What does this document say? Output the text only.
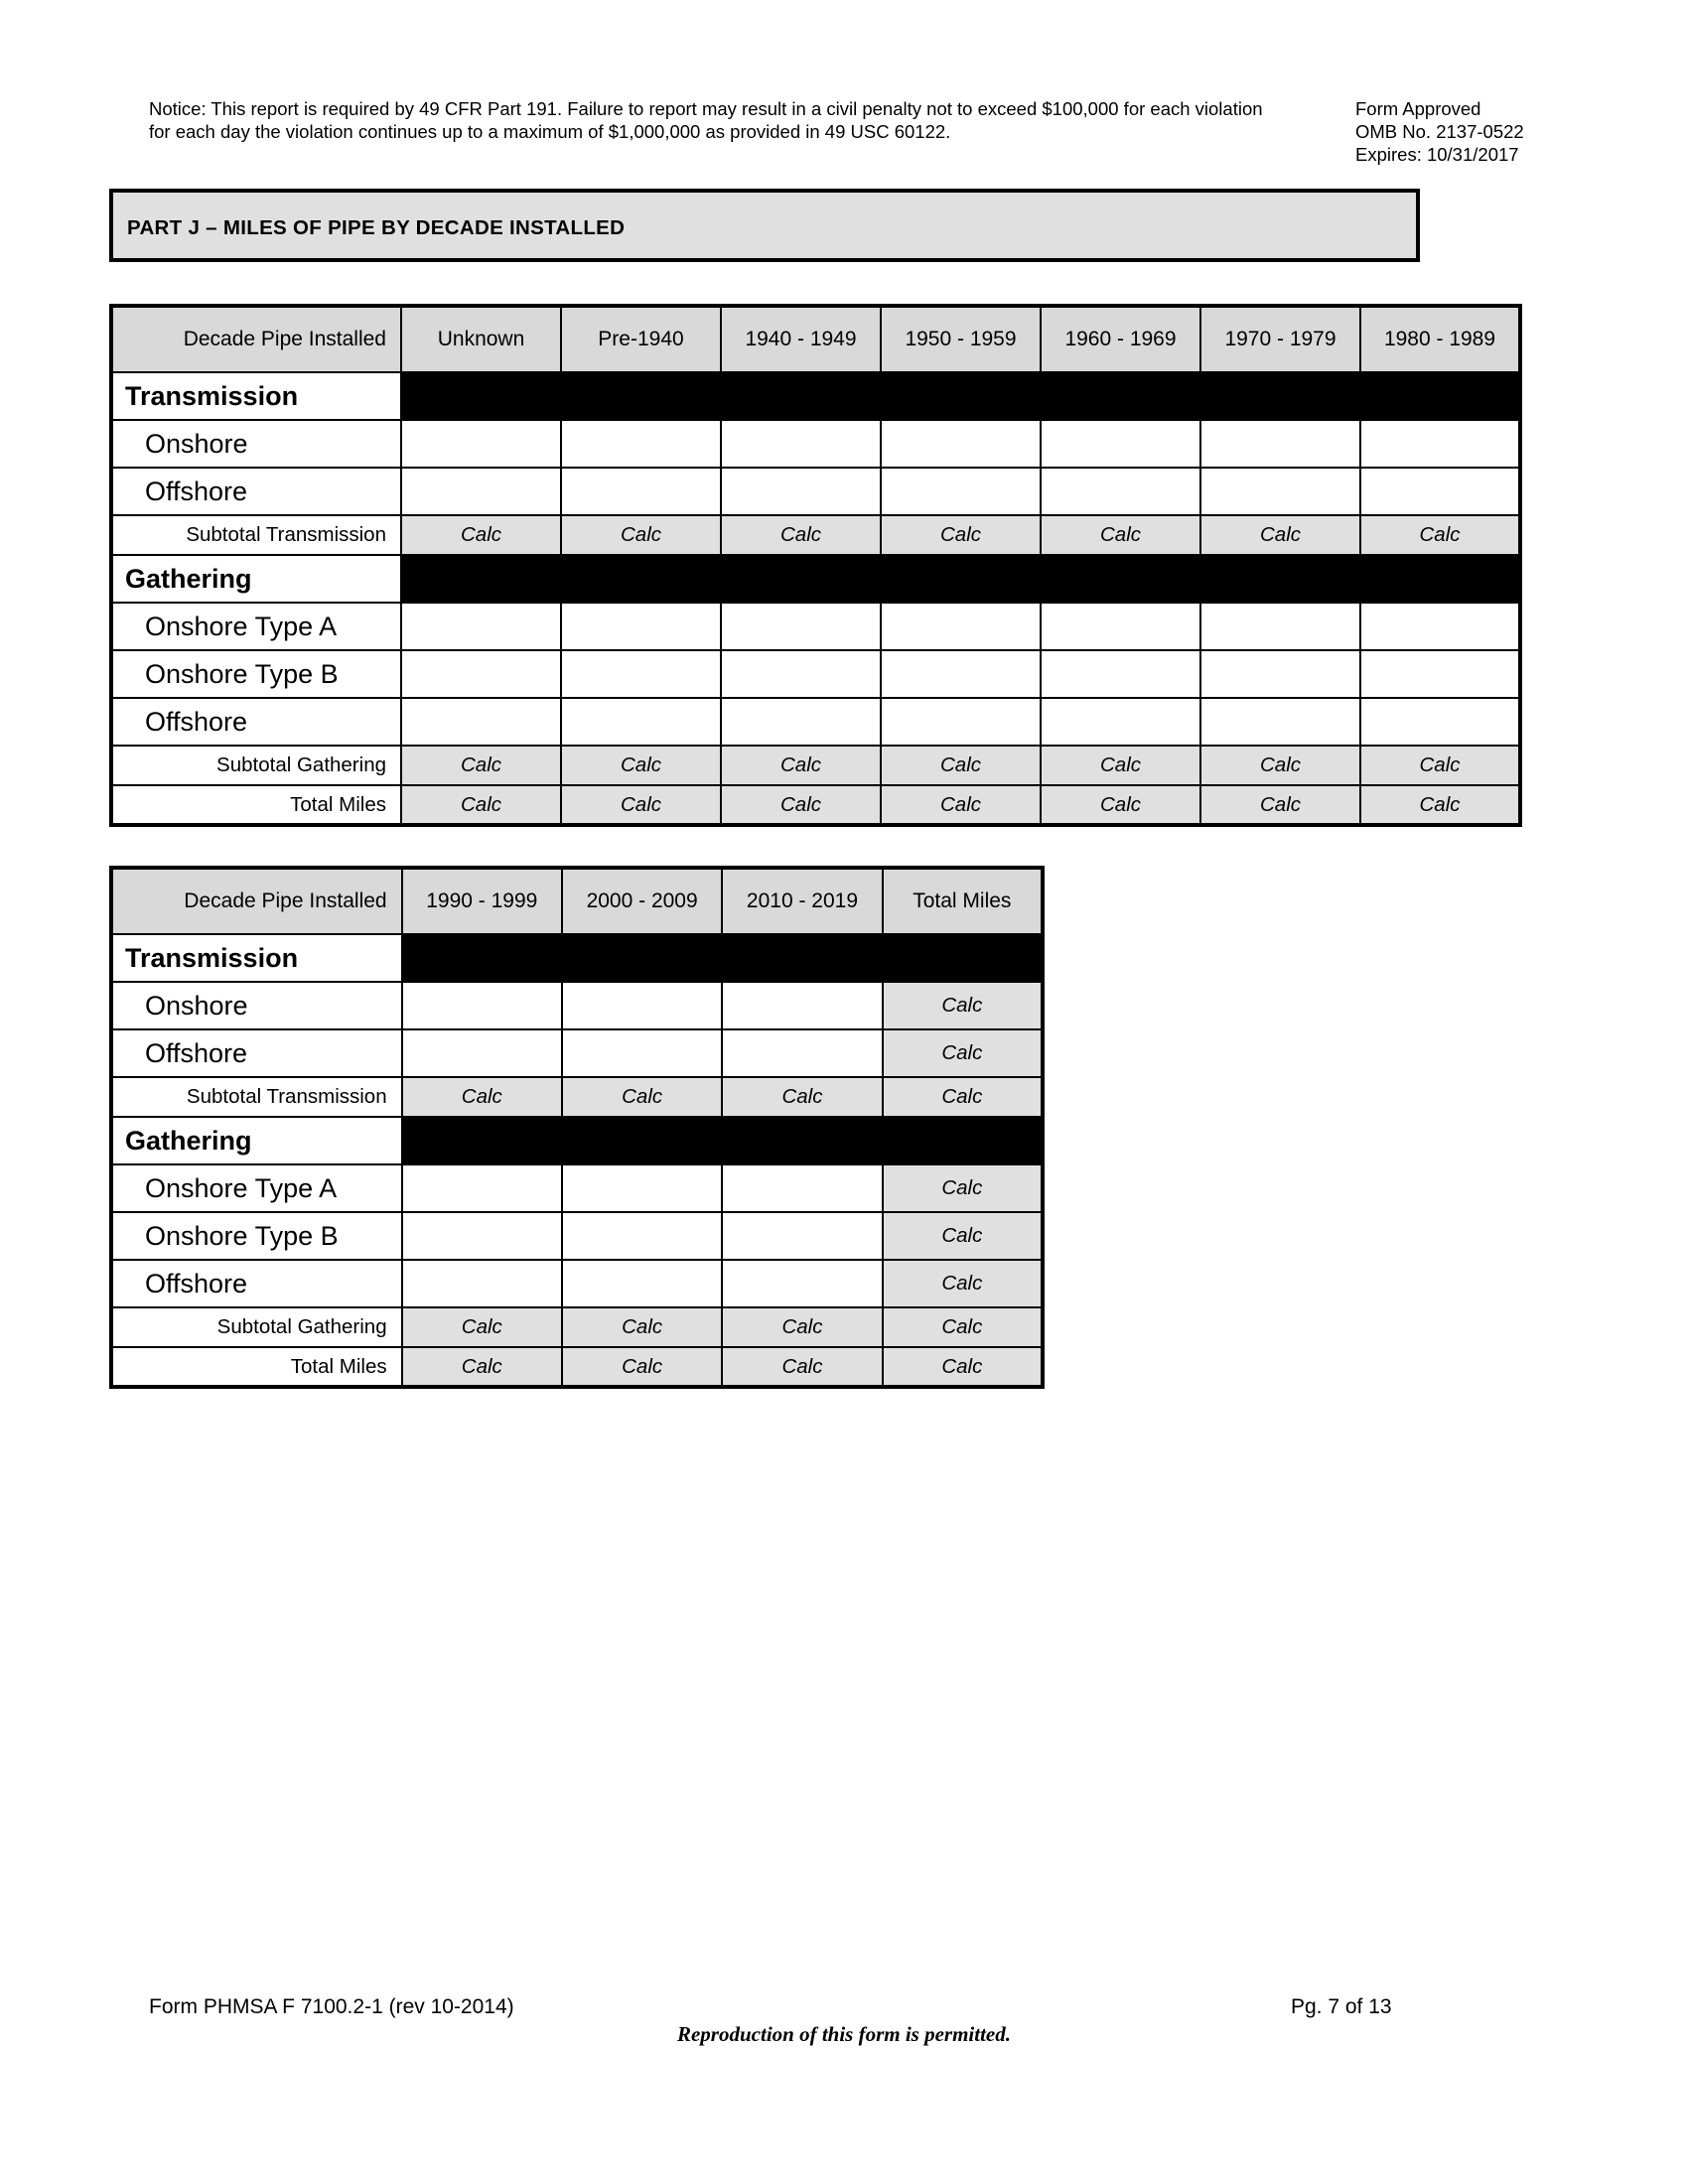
Notice: This report is required by 49 CFR Part 191. Failure to report may result in a civil penalty not to exceed $100,000 for each violation
for each day the violation continues up to a maximum of $1,000,000 as provided in 49 USC 60122.
Form Approved
OMB No. 2137-0522
Expires: 10/31/2017
PART J – MILES OF PIPE BY DECADE INSTALLED
Decade Pipe Installed	Unknown	Pre-1940	1940 - 1949	1950 - 1959	1960 - 1969	1970 - 1979	1980 - 1989
Transmission							
Onshore							
Offshore							
Subtotal Transmission	Calc	Calc	Calc	Calc	Calc	Calc	Calc
Gathering							
Onshore Type A							
Onshore Type B							
Offshore							
Subtotal Gathering	Calc	Calc	Calc	Calc	Calc	Calc	Calc
Total Miles	Calc	Calc	Calc	Calc	Calc	Calc	Calc
Decade Pipe Installed	1990 - 1999	2000 - 2009	2010 - 2019	Total Miles
Transmission				
Onshore				Calc
Offshore				Calc
Subtotal Transmission	Calc	Calc	Calc	Calc
Gathering				
Onshore Type A				Calc
Onshore Type B				Calc
Offshore				Calc
Subtotal Gathering	Calc	Calc	Calc	Calc
Total Miles	Calc	Calc	Calc	Calc
Form PHMSA F 7100.2-1 (rev 10-2014)	Pg. 7 of 13
Reproduction of this form is permitted.
